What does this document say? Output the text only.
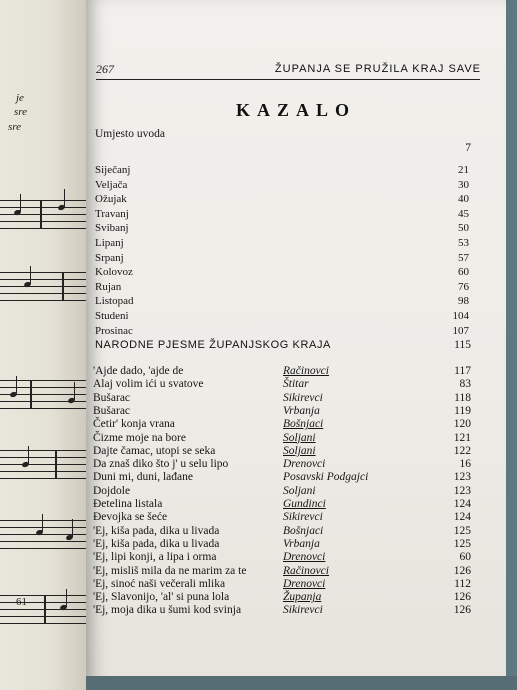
je
sre
sre
61
267	ŽUPANJA SE PRUŽILA KRAJ SAVE
KAZALO
Umjesto uvoda
7
Siječanj	21
Veljača	30
Ožujak	40
Travanj	45
Svibanj	50
Lipanj	53
Srpanj	57
Kolovoz	60
Rujan	76
Listopad	98
Studeni	104
Prosinac	107
NARODNE PJESME ŽUPANJSKOG KRAJA	115
'Ajde dado, 'ajde de	Račinovci	117
Alaj volim ići u svatove	Štitar	83
Bušarac	Sikirevci	118
Bušarac	Vrbanja	119
Četir' konja vrana	Bošnjaci	120
Čizme moje na bore	Soljani	121
Dajte čamac, utopi se seka	Soljani	122
Da znaš diko što j' u selu lipo	Drenovci	16
Duni mi, duni, lađane	Posavski Podgajci	123
Dojdole	Soljani	123
Đetelina listala	Gundinci	124
Đevojka se šeće	Sikirevci	124
'Ej, kiša pada, dika u livada	Bošnjaci	125
'Ej, kiša pada, dika u livada	Vrbanja	125
'Ej, lipi konji, a lipa i orma	Drenovci	60
'Ej, misliš mila da ne marim za te	Račinovci	126
'Ej, sinoć naši večerali mlika	Drenovci	112
'Ej, Slavonijo, 'al' si puna lola	Županja	126
'Ej, moja dika u šumi kod svinja	Sikirevci	126
